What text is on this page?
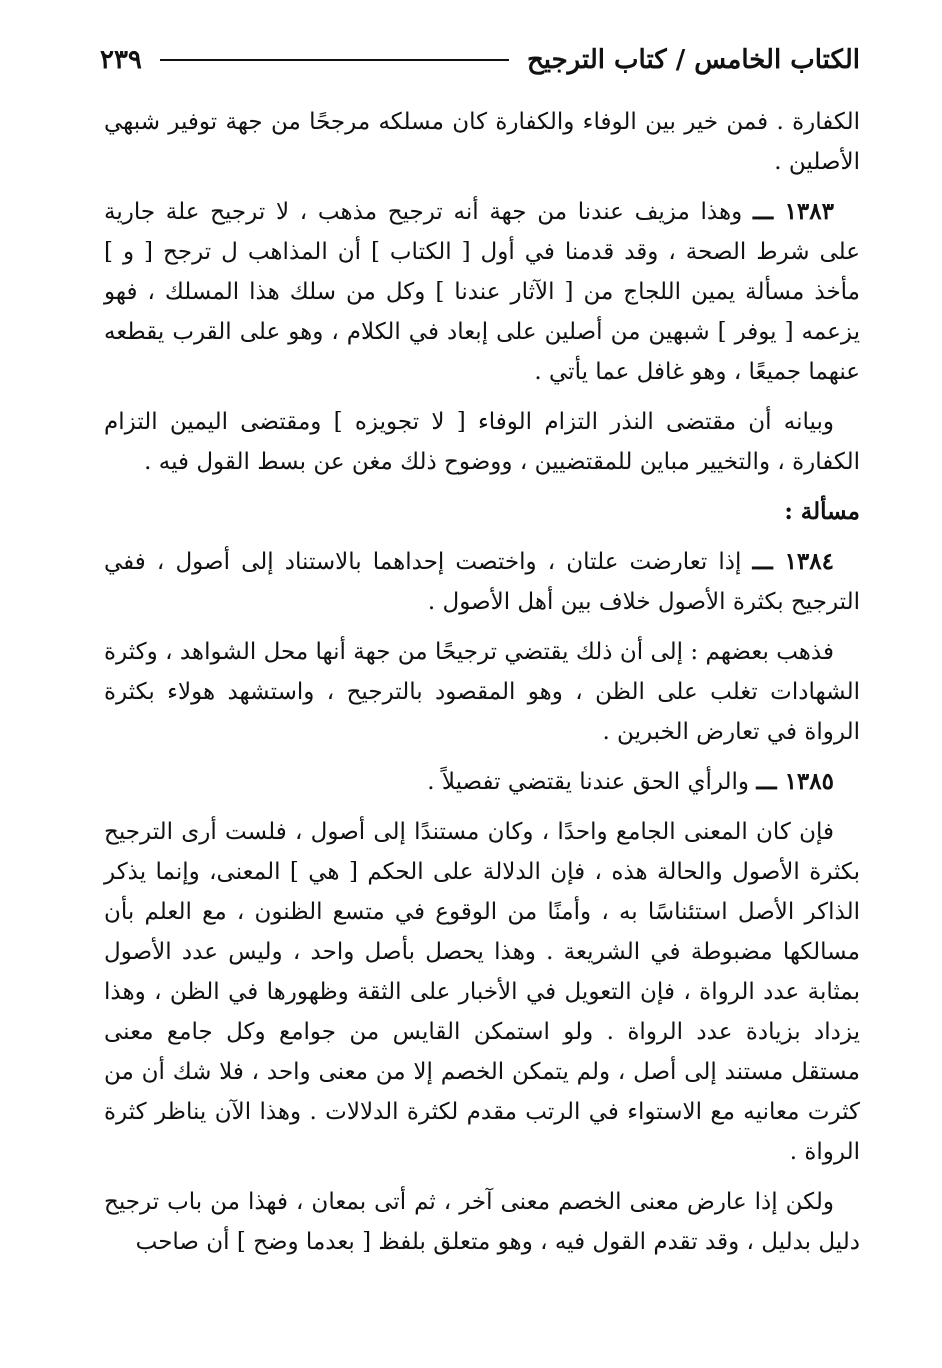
الكتاب الخامس / كتاب الترجيح
٢٣٩

الكفارة . فمن خير بين الوفاء والكفارة كان مسلكه مرجحًا من جهة توفير شبهي الأصلين .

١٣٨٣ ـــ وهذا مزيف عندنا من جهة أنه ترجيح مذهب ، لا ترجيح علة جارية على شرط الصحة ، وقد قدمنا في أول [ الكتاب ] أن المذاهب ل ترجح [ و ] مأخذ مسألة يمين اللجاج من [ الآثار عندنا ] وكل من سلك هذا المسلك ، فهو يزعمه [ يوفر ] شبهين من أصلين على إبعاد في الكلام ، وهو على القرب يقطعه عنهما جميعًا ، وهو غافل عما يأتي .

وبيانه أن مقتضى النذر التزام الوفاء [ لا تجويزه ] ومقتضى اليمين التزام الكفارة ، والتخيير مباين للمقتضيين ، ووضوح ذلك مغن عن بسط القول فيه .

مسألة :

١٣٨٤ ـــ إذا تعارضت علتان ، واختصت إحداهما بالاستناد إلى أصول ، ففي الترجيح بكثرة الأصول خلاف بين أهل الأصول .

فذهب بعضهم : إلى أن ذلك يقتضي ترجيحًا من جهة أنها محل الشواهد ، وكثرة الشهادات تغلب على الظن ، وهو المقصود بالترجيح ، واستشهد هولاء بكثرة الرواة في تعارض الخبرين .

١٣٨٥ ـــ والرأي الحق عندنا يقتضي تفصيلاً .

فإن كان المعنى الجامع واحدًا ، وكان مستندًا إلى أصول ، فلست أرى الترجيح بكثرة الأصول والحالة هذه ، فإن الدلالة على الحكم [ هي ] المعنى، وإنما يذكر الذاكر الأصل استئناسًا به ، وأمنًا من الوقوع في متسع الظنون ، مع العلم بأن مسالكها مضبوطة في الشريعة . وهذا يحصل بأصل واحد ، وليس عدد الأصول بمثابة عدد الرواة ، فإن التعويل في الأخبار على الثقة وظهورها في الظن ، وهذا يزداد بزيادة عدد الرواة . ولو استمكن القايس من جوامع وكل جامع معنى مستقل مستند إلى أصل ، ولم يتمكن الخصم إلا من معنى واحد ، فلا شك أن من كثرت معانيه مع الاستواء في الرتب مقدم لكثرة الدلالات . وهذا الآن يناظر كثرة الرواة .

ولكن إذا عارض معنى الخصم معنى آخر ، ثم أتى بمعان ، فهذا من باب ترجيح دليل بدليل ، وقد تقدم القول فيه ، وهو متعلق بلفظ [ بعدما وضح ] أن صاحب
